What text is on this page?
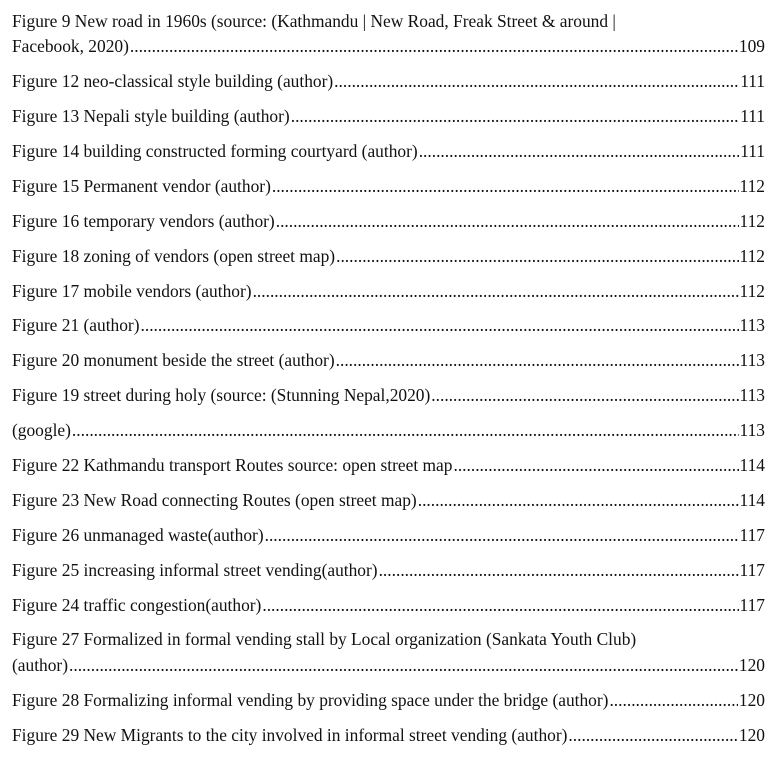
Figure 9 New road in 1960s (source: (Kathmandu | New Road, Freak Street & around |
Facebook, 2020) .....	109
Figure 12 neo-classical style building (author) .....	111
Figure 13 Nepali style building (author) .....	111
Figure 14 building constructed forming courtyard (author) .....	111
Figure 15 Permanent vendor (author) .....	112
Figure 16 temporary vendors (author) .....	112
Figure 18 zoning of vendors (open street map) .....	112
Figure 17 mobile vendors (author) .....	112
Figure 21 (author) .....	113
Figure 20 monument beside the street (author) .....	113
Figure 19 street during holy (source: (Stunning Nepal,2020) .....	113
(google) .....	113
Figure 22 Kathmandu transport Routes source: open street map .....	114
Figure 23 New Road connecting Routes (open street map) .....	114
Figure 26 unmanaged waste(author) .....	117
Figure 25 increasing informal street vending(author) .....	117
Figure 24 traffic congestion(author) .....	117
Figure 27 Formalized in formal vending stall by Local organization (Sankata Youth Club)
(author) .....	120
Figure 28 Formalizing informal vending by providing space under the bridge (author) .....	120
Figure 29 New Migrants to the city involved in informal street vending (author) .....	120
